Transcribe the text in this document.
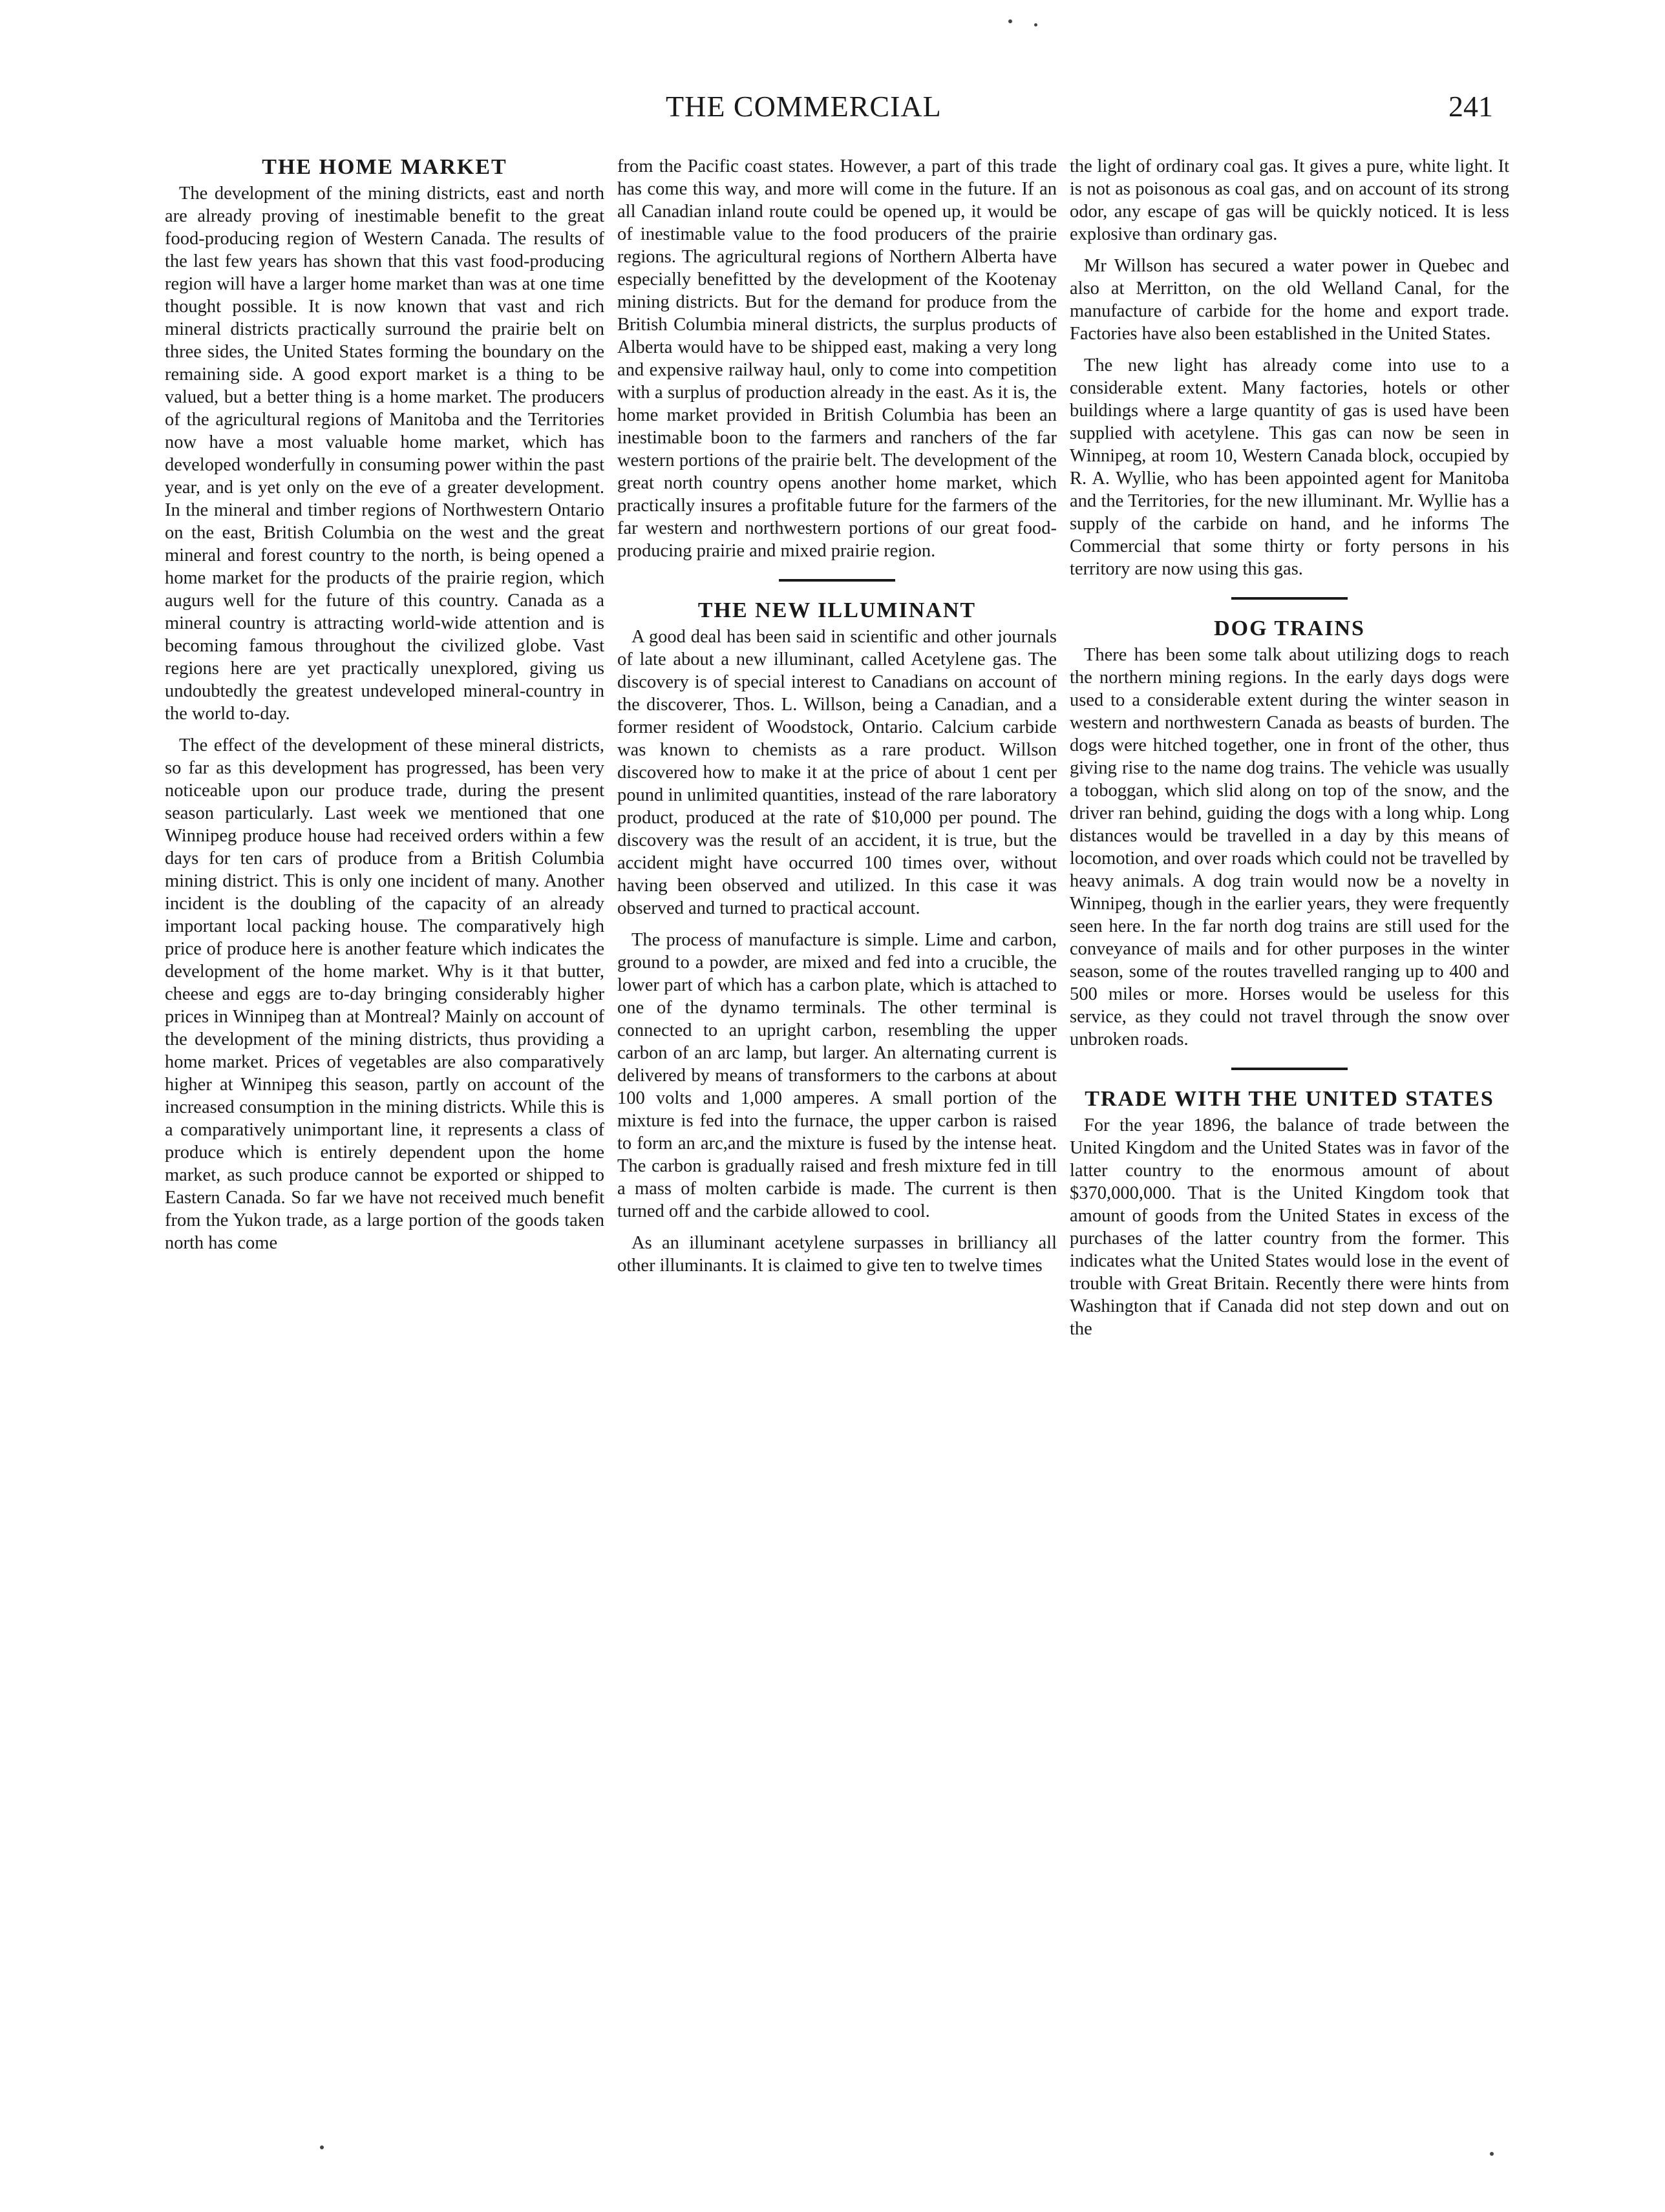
THE COMMERCIAL	241
THE HOME MARKET

The development of the mining districts, east and north are already proving of inestimable benefit to the great food-producing region of Western Canada. The results of the last few years has shown that this vast food-producing region will have a larger home market than was at one time thought possible. It is now known that vast and rich mineral districts practically surround the prairie belt on three sides, the United States forming the boundary on the remaining side. A good export market is a thing to be valued, but a better thing is a home market. The producers of the agricultural regions of Manitoba and the Territories now have a most valuable home market, which has developed wonderfully in consuming power within the past year, and is yet only on the eve of a greater development. In the mineral and timber regions of Northwestern Ontario on the east, British Columbia on the west and the great mineral and forest country to the north, is being opened a home market for the products of the prairie region, which augurs well for the future of this country. Canada as a mineral country is attracting world-wide attention and is becoming famous throughout the civilized globe. Vast regions here are yet practically unexplored, giving us undoubtedly the greatest undeveloped mineral-country in the world to-day.

The effect of the development of these mineral districts, so far as this development has progressed, has been very noticeable upon our produce trade, during the present season particularly. Last week we mentioned that one Winnipeg produce house had received orders within a few days for ten cars of produce from a British Columbia mining district. This is only one incident of many. Another incident is the doubling of the capacity of an already important local packing house. The comparatively high price of produce here is another feature which indicates the development of the home market. Why is it that butter, cheese and eggs are to-day bringing considerably higher prices in Winnipeg than at Montreal? Mainly on account of the development of the mining districts, thus providing a home market. Prices of vegetables are also comparatively higher at Winnipeg this season, partly on account of the increased consumption in the mining districts. While this is a comparatively unimportant line, it represents a class of produce which is entirely dependent upon the home market, as such produce cannot be exported or shipped to Eastern Canada. So far we have not received much benefit from the Yukon trade, as a large portion of the goods taken north has come

from the Pacific coast states. However, a part of this trade has come this way, and more will come in the future. If an all Canadian inland route could be opened up, it would be of inestimable value to the food producers of the prairie regions. The agricultural regions of Northern Alberta have especially benefitted by the development of the Kootenay mining districts. But for the demand for produce from the British Columbia mineral districts, the surplus products of Alberta would have to be shipped east, making a very long and expensive railway haul, only to come into competition with a surplus of production already in the east. As it is, the home market provided in British Columbia has been an inestimable boon to the farmers and ranchers of the far western portions of the prairie belt. The development of the great north country opens another home market, which practically insures a profitable future for the farmers of the far western and northwestern portions of our great food-producing prairie and mixed prairie region.

THE NEW ILLUMINANT

A good deal has been said in scientific and other journals of late about a new illuminant, called Acetylene gas. The discovery is of special interest to Canadians on account of the discoverer, Thos. L. Willson, being a Canadian, and a former resident of Woodstock, Ontario. Calcium carbide was known to chemists as a rare product. Willson discovered how to make it at the price of about 1 cent per pound in unlimited quantities, instead of the rare laboratory product, produced at the rate of $10,000 per pound. The discovery was the result of an accident, it is true, but the accident might have occurred 100 times over, without having been observed and utilized. In this case it was observed and turned to practical account.

The process of manufacture is simple. Lime and carbon, ground to a powder, are mixed and fed into a crucible, the lower part of which has a carbon plate, which is attached to one of the dynamo terminals. The other terminal is connected to an upright carbon, resembling the upper carbon of an arc lamp, but larger. An alternating current is delivered by means of transformers to the carbons at about 100 volts and 1,000 amperes. A small portion of the mixture is fed into the furnace, the upper carbon is raised to form an arc,and the mixture is fused by the intense heat. The carbon is gradually raised and fresh mixture fed in till a mass of molten carbide is made. The current is then turned off and the carbide allowed to cool.

As an illuminant acetylene surpasses in brilliancy all other illuminants. It is claimed to give ten to twelve times

the light of ordinary coal gas. It gives a pure, white light. It is not as poisonous as coal gas, and on account of its strong odor, any escape of gas will be quickly noticed. It is less explosive than ordinary gas.

Mr Willson has secured a water power in Quebec and also at Merritton, on the old Welland Canal, for the manufacture of carbide for the home and export trade. Factories have also been established in the United States.

The new light has already come into use to a considerable extent. Many factories, hotels or other buildings where a large quantity of gas is used have been supplied with acetylene. This gas can now be seen in Winnipeg, at room 10, Western Canada block, occupied by R. A. Wyllie, who has been appointed agent for Manitoba and the Territories, for the new illuminant. Mr. Wyllie has a supply of the carbide on hand, and he informs The Commercial that some thirty or forty persons in his territory are now using this gas.

DOG TRAINS

There has been some talk about utilizing dogs to reach the northern mining regions. In the early days dogs were used to a considerable extent during the winter season in western and northwestern Canada as beasts of burden. The dogs were hitched together, one in front of the other, thus giving rise to the name dog trains. The vehicle was usually a toboggan, which slid along on top of the snow, and the driver ran behind, guiding the dogs with a long whip. Long distances would be travelled in a day by this means of locomotion, and over roads which could not be travelled by heavy animals. A dog train would now be a novelty in Winnipeg, though in the earlier years, they were frequently seen here. In the far north dog trains are still used for the conveyance of mails and for other purposes in the winter season, some of the routes travelled ranging up to 400 and 500 miles or more. Horses would be useless for this service, as they could not travel through the snow over unbroken roads.

TRADE WITH THE UNITED STATES

For the year 1896, the balance of trade between the United Kingdom and the United States was in favor of the latter country to the enormous amount of about $370,000,000. That is the United Kingdom took that amount of goods from the United States in excess of the purchases of the latter country from the former. This indicates what the United States would lose in the event of trouble with Great Britain. Recently there were hints from Washington that if Canada did not step down and out on the
